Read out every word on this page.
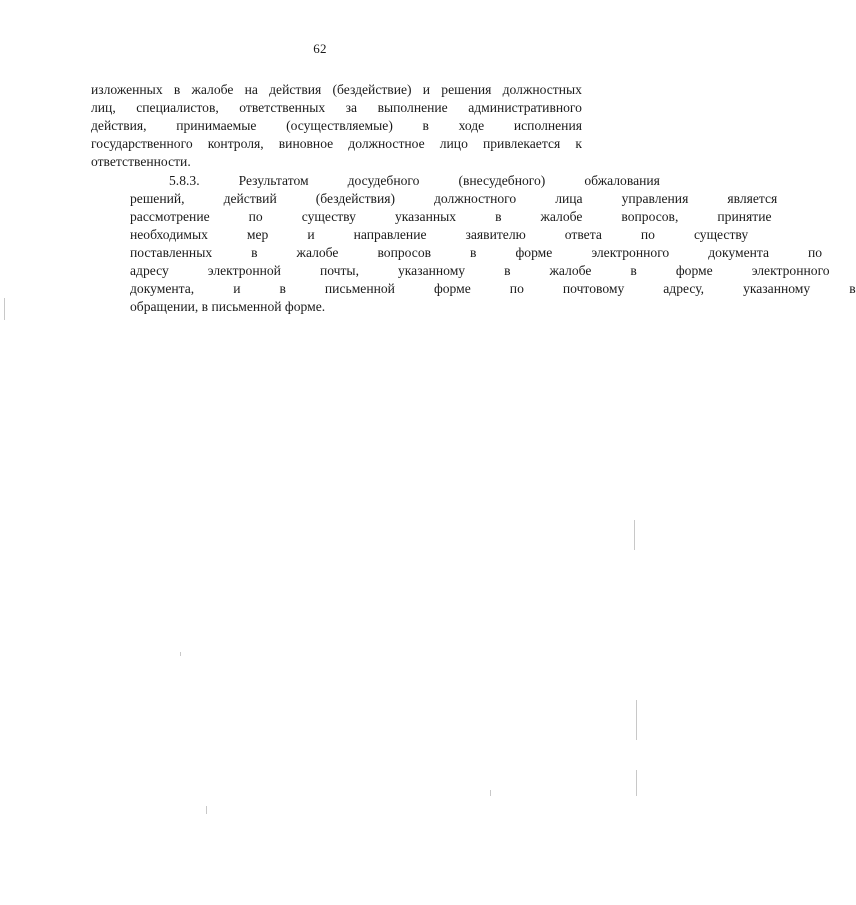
62
изложенных в жалобе на действия (бездействие) и решения должностных
лиц, специалистов, ответственных за выполнение административного
действия, принимаемые (осуществляемые) в ходе исполнения
государственного контроля, виновное должностное лицо привлекается к
ответственности.
5.8.3.	Результатом	досудебного	(внесудебного)	обжалования
решений,	действий	(бездействия)	должностного	лица	управления	является
рассмотрение	по	существу	указанных	в	жалобе	вопросов,	принятие
необходимых	мер	и	направление	заявителю	ответа	по	существу
поставленных	в	жалобе	вопросов	в	форме	электронного	документа	по
адресу	электронной	почты,	указанному	в	жалобе	в	форме	электронного
документа,	и	в	письменной	форме	по	почтовому	адресу,	указанному	в
обращении, в письменной форме.
